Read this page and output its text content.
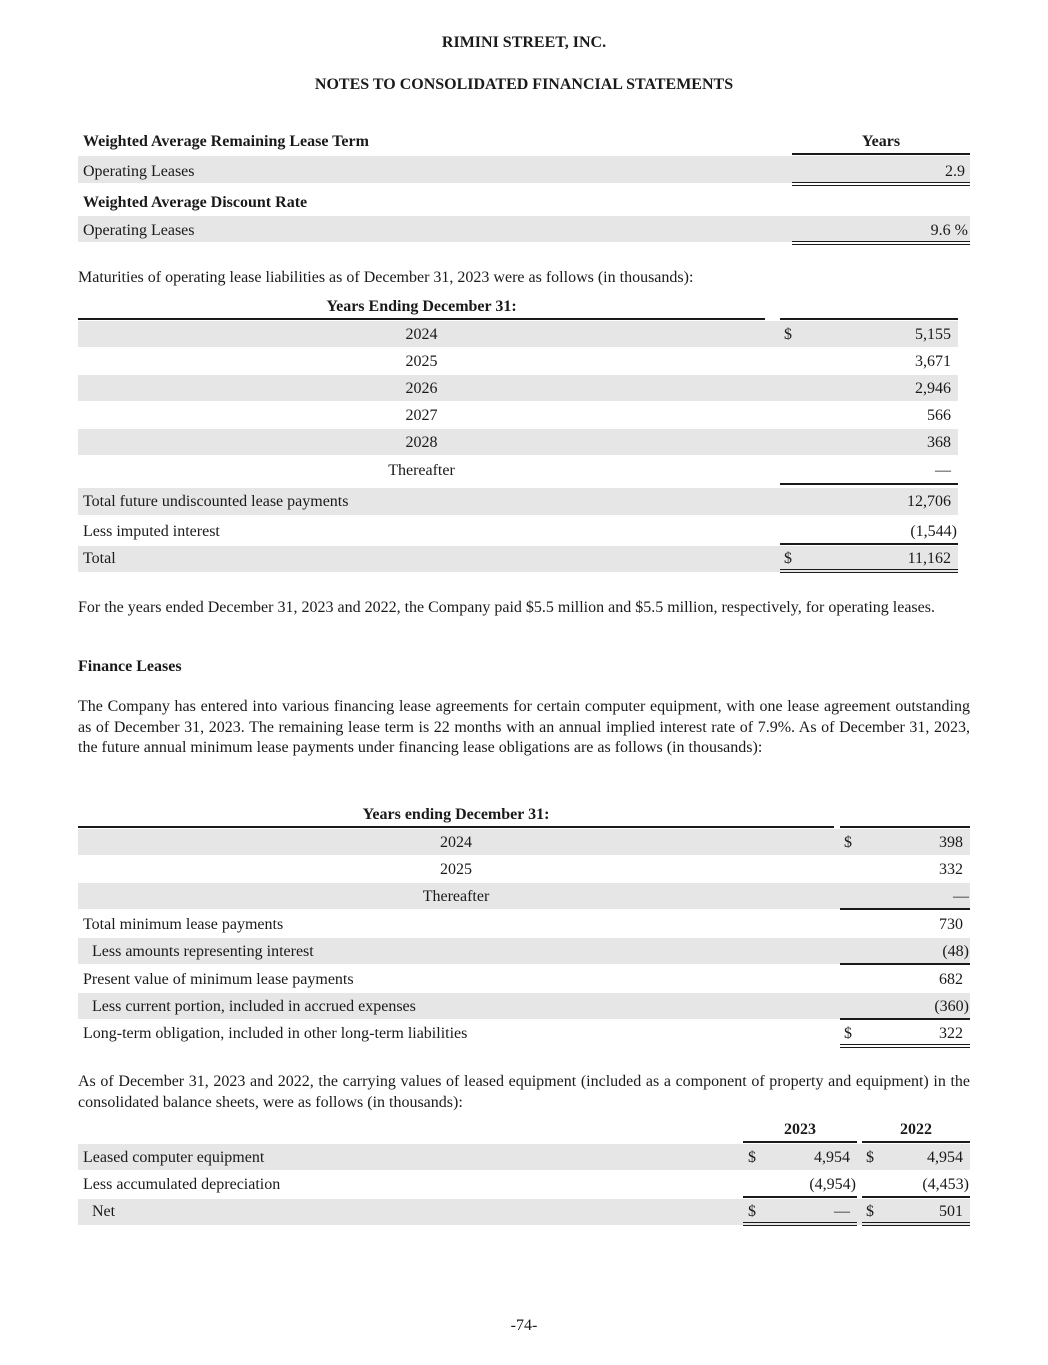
RIMINI STREET, INC.
NOTES TO CONSOLIDATED FINANCIAL STATEMENTS
Weighted Average Remaining Lease Term	Years
Operating Leases	2.9
Weighted Average Discount Rate
Operating Leases	9.6 %
Maturities of operating lease liabilities as of December 31, 2023 were as follows (in thousands):
Years Ending December 31:
2024	$	5,155
2025	3,671
2026	2,946
2027	566
2028	368
Thereafter	—
Total future undiscounted lease payments	12,706
Less imputed interest	(1,544)
Total	$	11,162
For the years ended December 31, 2023 and 2022, the Company paid $5.5 million and $5.5 million, respectively, for operating leases.
Finance Leases
The Company has entered into various financing lease agreements for certain computer equipment, with one lease agreement outstanding as of December 31, 2023. The remaining lease term is 22 months with an annual implied interest rate of 7.9%. As of December 31, 2023, the future annual minimum lease payments under financing lease obligations are as follows (in thousands):
Years ending December 31:
2024	$	398
2025	332
Thereafter	—
Total minimum lease payments	730
Less amounts representing interest	(48)
Present value of minimum lease payments	682
Less current portion, included in accrued expenses	(360)
Long-term obligation, included in other long-term liabilities	$	322
As of December 31, 2023 and 2022, the carrying values of leased equipment (included as a component of property and equipment) in the consolidated balance sheets, were as follows (in thousands):
2023	2022
Leased computer equipment	$	4,954 $	4,954
Less accumulated depreciation	(4,954)	(4,453)
Net	$	— $	501
-74-
